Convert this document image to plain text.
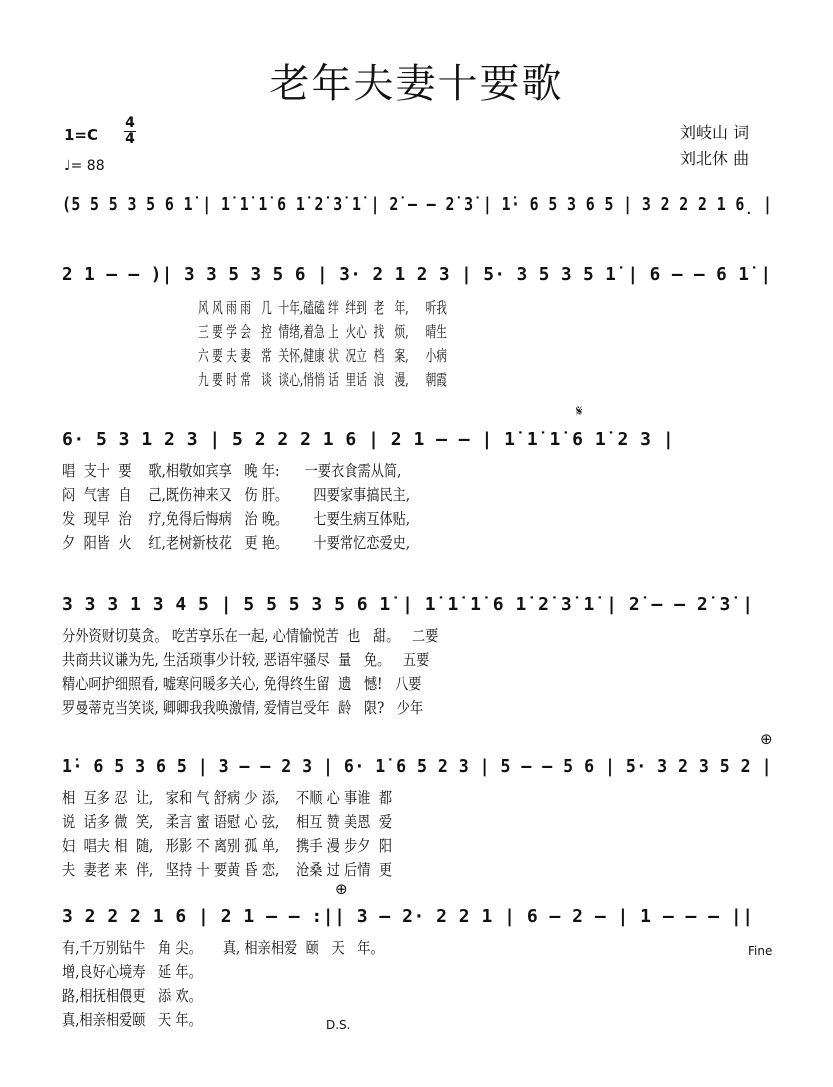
老年夫妻十要歌
1=C
4
4
♩= 88
刘岐山 词
刘北休 曲
(5 5 5 3 5 6 1̇ | 1̇ 1̇ 1̇ 6 1̇ 2̇ 3̇ 1̇ | 2̇ — — 2̇ 3̇ | 1̇· 6 5 3 6 5 | 3 2 2 2 1 6̣ |
2 1 — — )| 3 3 5 3 5 6 | 3· 2 1 2 3 | 5· 3 5 3 5 1̇ | 6 — — 6 1̇ |
风 风 雨 雨   几  十年,磕磕 绊  绊到  老   年,     听我
三 要 学 会   控  情绪,着急 上  火心  找   烦,     晴生
六 要 夫 妻   常  关怀,健康 状  况立  档   案,     小病
九 要 时 常   谈  谈心,悄悄 话  里话  浪   漫,     朝霞
𝄋
6· 5 3 1 2 3 | 5 2 2 2 1 6 | 2 1 — — | 1̇ 1̇ 1̇ 6 1̇ 2 3 |
唱  支十  要    歌,相敬如宾享   晚 年:      一要衣食需从简,
闷  气害  自    己,既伤神来又   伤 肝。      四要家事搞民主,
发  现早  治    疗,免得后悔病   治 晚。      七要生病互体贴,
夕  阳皆  火    红,老树新枝花   更 艳。      十要常忆恋爱史,
3 3 3 1 3 4 5 | 5 5 5 3 5 6 1̇ | 1̇ 1̇ 1̇ 6 1̇ 2̇ 3̇ 1̇ | 2̇ — — 2̇ 3̇ |
分外资财切莫贪。 吃苦享乐在一起, 心情愉悦苦  也   甜。   二要
共商共议谦为先, 生活琐事少计较, 恶语牢骚尽  量   免。   五要
精心呵护细照看, 嘘寒问暖多关心, 免得终生留  遗   憾!   八要
罗曼蒂克当笑谈, 卿卿我我唤激情, 爱情岂受年  龄   限?   少年
⊕
1̇· 6 5 3 6 5 | 3 — — 2 3 | 6· 1̇ 6 5 2 3 | 5 — — 5 6 | 5· 3 2 3 5 2 |
相  互多 忍  让,   家和 气 舒病 少 添,    不顺 心 事谁  都
说  话多 微  笑,   柔言 蜜 语慰 心 弦,    相互 赞 美恩  爱
妇  唱夫 相  随,   形影 不 离别 孤 单,    携手 漫 步夕  阳
夫  妻老 来  伴,   坚持 十 要黄 昏 恋,    沧桑 过 后情  更
⊕
3 2 2 2 1 6 | 2 1 — — :|| 3 — 2· 2 2 1 | 6 — 2 — | 1 — — — ||
有,千万别钻牛   角 尖。     真, 相亲相爱  颐   天   年。
增,良好心境寿   延 年。
路,相抚相偎更   添 欢。
真,相亲相爱颐   天 年。
Fine
D.S.
